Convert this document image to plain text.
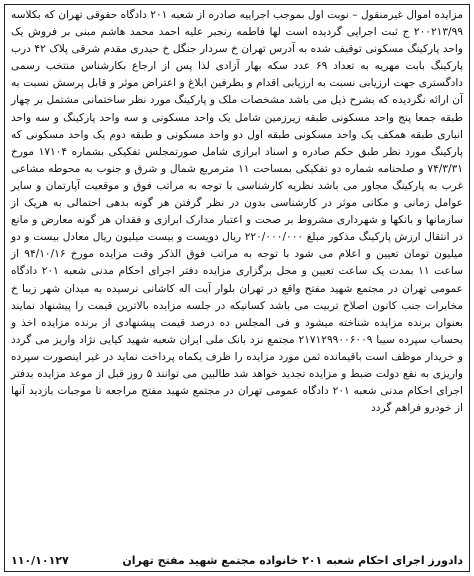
مزایده اموال غیرمنقول – نوبت اول بموجب اجراییه صادره از شعبه ۲۰۱ دادگاه حقوقی تهران که بکلاسه ۲۰۰۲۱۳/۹۹ ج ثبت اجرایی گردیده است لها فاطمه رنجبر علیه احمد محمد هاشم مبنی بر فروش یک واحد پارکینگ مسکونی توقیف شده به آدرس تهران خ سردار جنگل خ حیدری مقدم شرقی پلاک ۴۲ درب پارکینگ بابت مهریه به تعداد ۶۹ عدد سکه بهار آزادی لذا پس از ارجاع بکارشناس منتخب رسمی دادگستری جهت ارزیابی نسبت به ارزیابی اقدام و بطرفین ابلاغ و اعتراض موثر و قابل پرسش نسبت به آن ارائه نگردیده که بشرح ذیل می باشد مشخصات ملک و پارکینگ مورد نظر ساختمانی مشتمل بر چهار طبقه جمعا پنج واحد مسکونی طبقه زیرزمین شامل یک واحد مسکونی و سه واحد پارکینگ و سه واحد انباری طبقه همکف یک واحد مسکونی طبقه اول دو واحد مسکونی و طبقه دوم یک واحد مسکونی که پارکینگ مورد نظر طبق حکم صادره و اسناد ابرازی شامل صورتمجلس تفکیکی بشماره ۱۷۱۰۴ مورخ ۷۴/۳/۳۱ و صلحنامه شماره دو تفکیکی بمساحت ۱۱ مترمربع شمال و شرق و جنوب به محوطه مشاعی غرب به پارکینگ مجاور می باشد نظریه کارشناسی با توجه به مراتب فوق و موقعیت آپارتمان و سایر عوامل زمانی و مکانی موثر در کارشناسی بدون در نظر گرفتن هر گونه بدهی احتمالی به هریک از سازمانها و بانکها و شهرداری مشروط بر صحت و اعتبار مدارک ابرازی و فقدان هر گونه معارض و مانع در انتقال ارزش پارکینگ مذکور مبلغ ۲۲۰/۰۰۰/۰۰۰ ریال دویست و بیست میلیون ریال معادل بیست و دو میلیون تومان تعیین و اعلام می شود با توجه به مراتب فوق الذکر وقت مزایده مورخ ۹۴/۱۰/۱۶ از ساعت ۱۱ بمدت یک ساعت تعیین و محل برگزاری مزایده دفتر اجرای احکام مدنی شعبه ۲۰۱ دادگاه عمومی تهران در مجتمع شهید مفتح واقع در تهران بلوار آیت اله کاشانی نرسیده به میدان شهر زیبا خ مخابرات جنب کانون اصلاح تربیت می باشد کسانیکه در جلسه مزایده بالاترین قیمت را پیشنهاد نمایند بعنوان برنده مزایده شناخته میشود و فی المجلس ده درصد قیمت پیشنهادی از برنده مزایده اخذ و بحساب سپرده سیبا ۲۱۷۱۲۹۹۰۰۶۰۰۹ مجتمع نزد بانک ملی ایران شعبه شهید کیایی نژاد واریز می گردد و خریدار موظف است باقیمانده ثمن مورد مزایده را ظرف یکماه پرداخت نماید در غیر اینصورت سپرده واریزی به نفع دولت ضبط و مزایده تجدید خواهد شد طالبین می توانند ۵ روز قبل از موعد مزایده بدفتر اجرای احکام مدنی شعبه ۲۰۱ دادگاه عمومی تهران در مجتمع شهید مفتح مراجعه تا موجبات بازدید آنها از خودرو فراهم گردد

دادورز اجرای احکام شعبه ۲۰۱ خانواده مجتمع شهید مفتح تهران
۱۱۰/۱۰۱۲۷
